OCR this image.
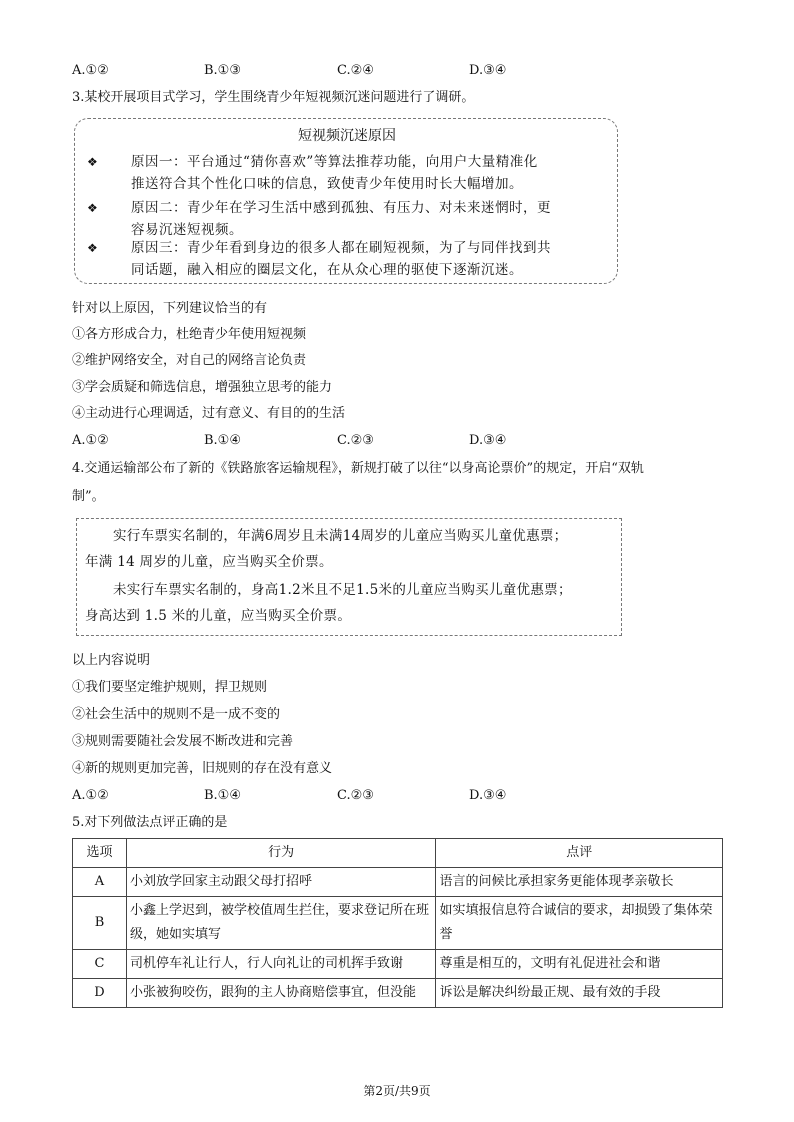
A.①②	B.①③	C.②④	D.③④
3.某校开展项目式学习，学生围绕青少年短视频沉迷问题进行了调研。
短视频沉迷原因
❖ 原因一：平台通过“猜你喜欢”等算法推荐功能，向用户大量精准化
推送符合其个性化口味的信息，致使青少年使用时长大幅增加。
❖ 原因二：青少年在学习生活中感到孤独、有压力、对未来迷惘时，更
容易沉迷短视频。
❖ 原因三：青少年看到身边的很多人都在刷短视频，为了与同伴找到共
同话题，融入相应的圈层文化，在从众心理的驱使下逐渐沉迷。
针对以上原因，下列建议恰当的有
①各方形成合力，杜绝青少年使用短视频
②维护网络安全，对自己的网络言论负责
③学会质疑和筛选信息，增强独立思考的能力
④主动进行心理调适，过有意义、有目的的生活
A.①②	B.①④	C.②③	D.③④
4.交通运输部公布了新的《铁路旅客运输规程》，新规打破了以往“以身高论票价”的规定，开启“双轨
制”。
实行车票实名制的，年满6周岁且未满14周岁的儿童应当购买儿童优惠票；
年满 14 周岁的儿童，应当购买全价票。
未实行车票实名制的，身高1.2米且不足1.5米的儿童应当购买儿童优惠票；
身高达到 1.5 米的儿童，应当购买全价票。
以上内容说明
①我们要坚定维护规则，捍卫规则
②社会生活中的规则不是一成不变的
③规则需要随社会发展不断改进和完善
④新的规则更加完善，旧规则的存在没有意义
A.①②	B.①④	C.②③	D.③④
5.对下列做法点评正确的是
选项	行为	点评
A	小刘放学回家主动跟父母打招呼	语言的问候比承担家务更能体现孝亲敬长
B	小鑫上学迟到，被学校值周生拦住，要求登记所在班级，她如实填写	如实填报信息符合诚信的要求，却损毁了集体荣誉
C	司机停车礼让行人，行人向礼让的司机挥手致谢	尊重是相互的，文明有礼促进社会和谐
D	小张被狗咬伤，跟狗的主人协商赔偿事宜，但没能	诉讼是解决纠纷最正规、最有效的手段
第2页/共9页
